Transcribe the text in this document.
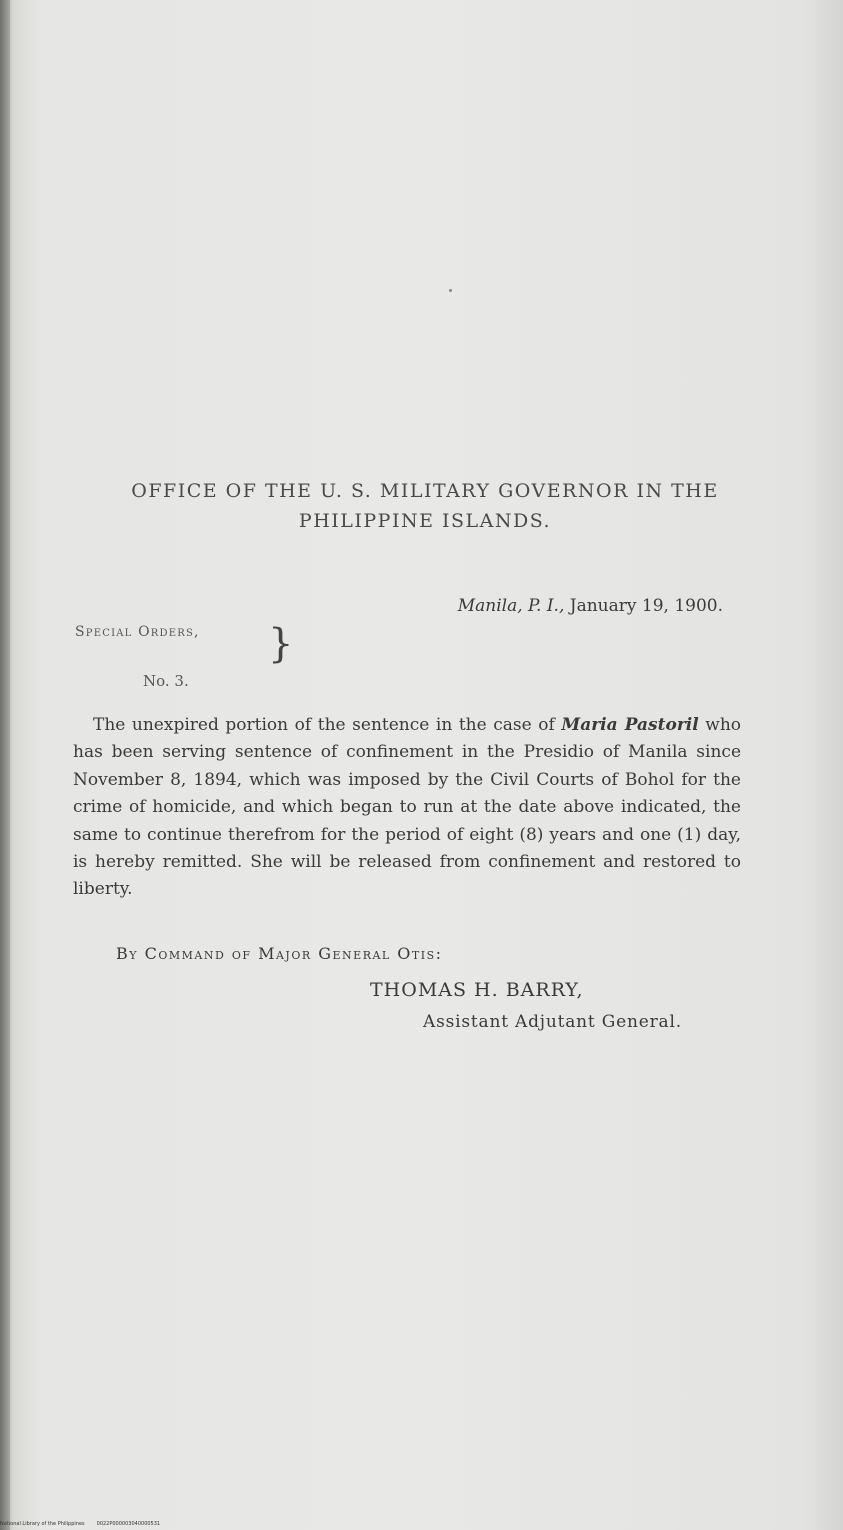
OFFICE OF THE U. S. MILITARY GOVERNOR IN THE
PHILIPPINE ISLANDS.
Manila, P. I., January 19, 1900.
Special Orders, }
No. 3.
The unexpired portion of the sentence in the case of Maria Pastoril who has been serving sentence of confinement in the Presidio of Manila since November 8, 1894, which was imposed by the Civil Courts of Bohol for the crime of homicide, and which began to run at the date above indicated, the same to continue therefrom for the period of eight (8) years and one (1) day, is hereby remitted. She will be released from confinement and restored to liberty.
By Command of Major General Otis:
THOMAS H. BARRY,
Assistant Adjutant General.
National Library of the Philippines 0022P000003040000531
